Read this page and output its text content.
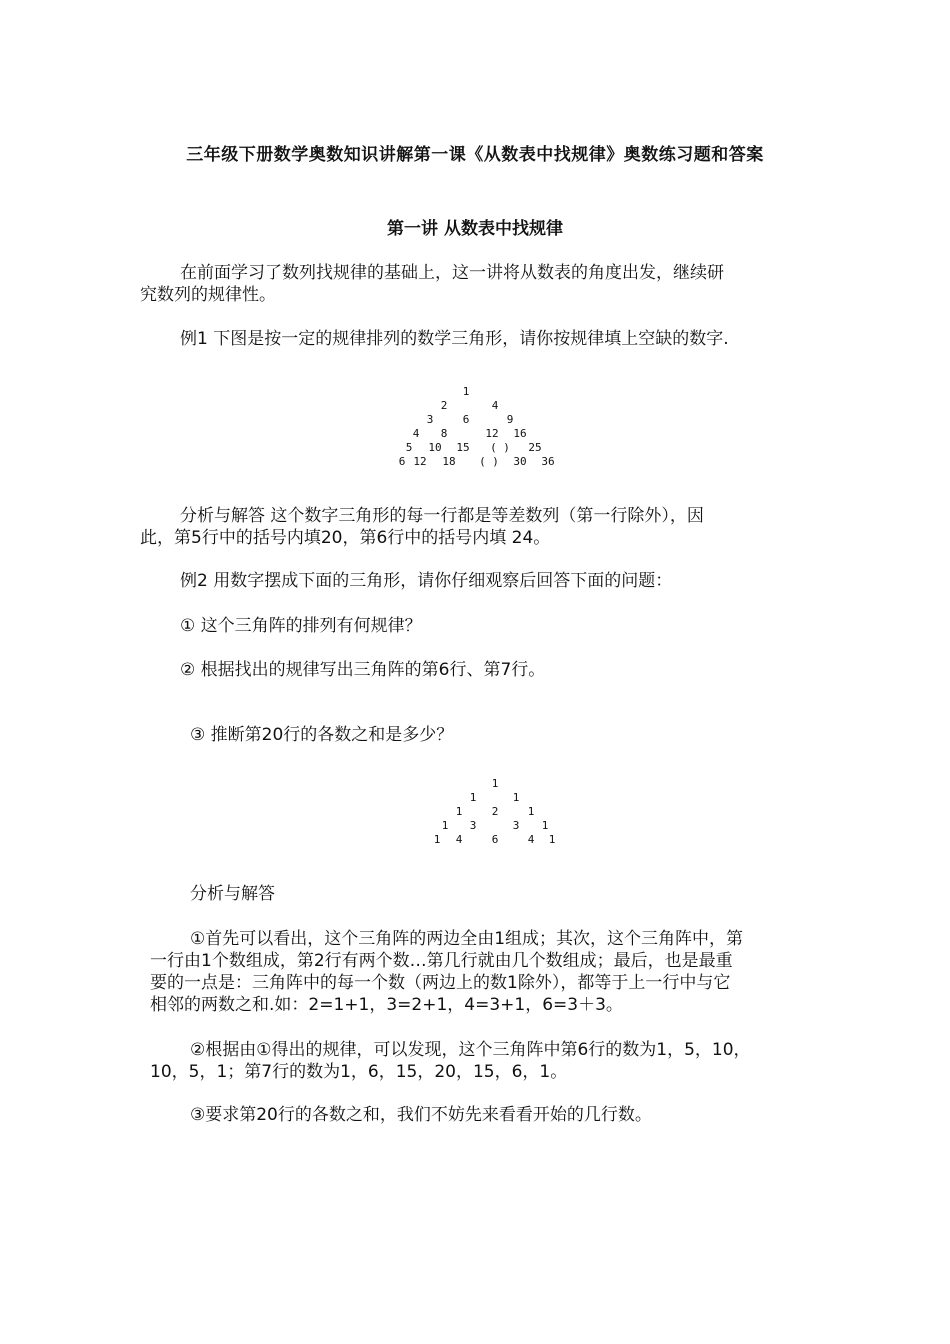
三年级下册数学奥数知识讲解第一课《从数表中找规律》奥数练习题和答案
第一讲 从数表中找规律
在前面学习了数列找规律的基础上，这一讲将从数表的角度出发，继续研
究数列的规律性。
例1 下图是按一定的规律排列的数学三角形，请你按规律填上空缺的数字.
1
2	4
3	6	9
4 8	12 16
5 10 15 ( ) 25
6 12 18 ( ) 30 36
分析与解答 这个数字三角形的每一行都是等差数列（第一行除外），因
此，第5行中的括号内填20，第6行中的括号内填 24。
例2 用数字摆成下面的三角形，请你仔细观察后回答下面的问题：
① 这个三角阵的排列有何规律？
② 根据找出的规律写出三角阵的第6行、第7行。
③ 推断第20行的各数之和是多少？
1
1	1
1	2	1
1 3	3 1
1 4	6	4 1
分析与解答
①首先可以看出，这个三角阵的两边全由1组成；其次，这个三角阵中，第
一行由1个数组成，第2行有两个数…第几行就由几个数组成；最后，也是最重
要的一点是：三角阵中的每一个数（两边上的数1除外），都等于上一行中与它
相邻的两数之和.如：2=1+1，3=2+1，4=3+1，6=3＋3。
②根据由①得出的规律，可以发现，这个三角阵中第6行的数为1，5，10，
10，5，1；第7行的数为1，6，15，20，15，6，1。
③要求第20行的各数之和，我们不妨先来看看开始的几行数。
